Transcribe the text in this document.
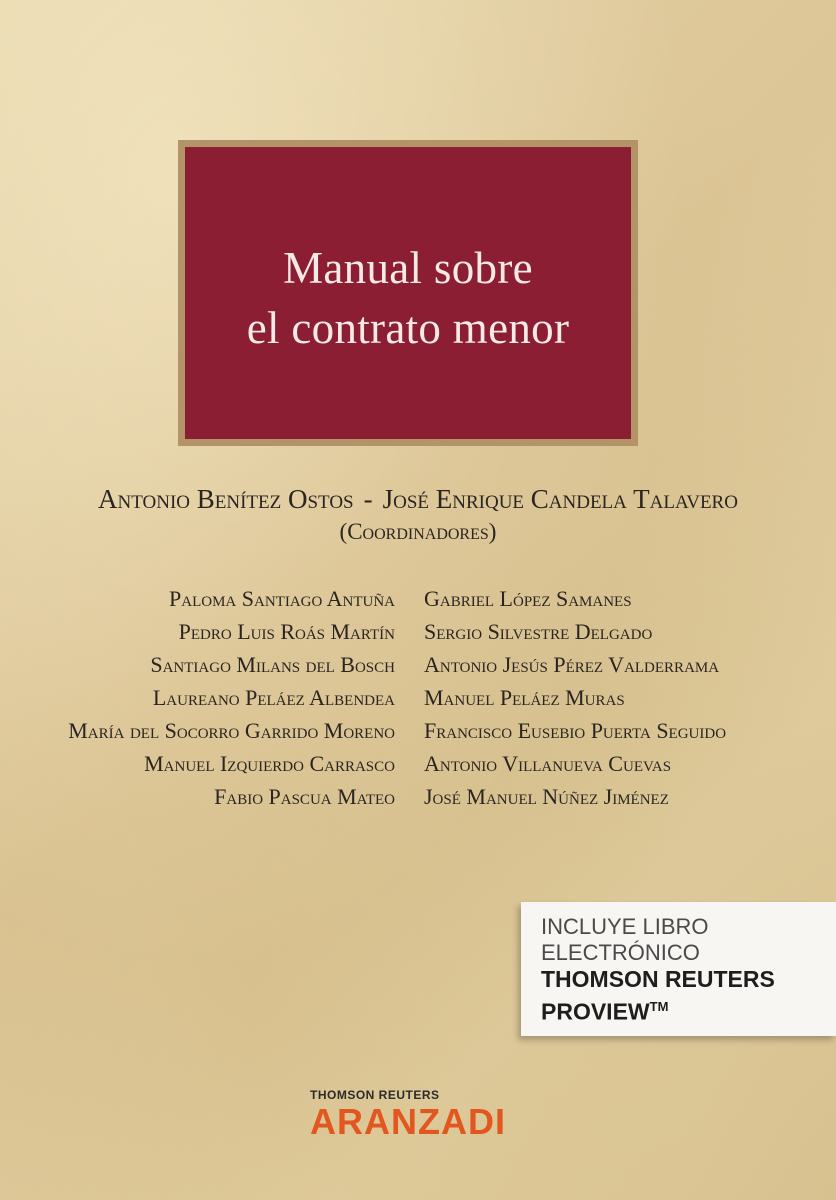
Manual sobre
el contrato menor
Antonio Benítez Ostos - José Enrique Candela Talavero
(Coordinadores)
Paloma Santiago Antuña
Pedro Luis Roás Martín
Santiago Milans del Bosch
Laureano Peláez Albendea
María del Socorro Garrido Moreno
Manuel Izquierdo Carrasco
Fabio Pascua Mateo
Gabriel López Samanes
Sergio Silvestre Delgado
Antonio Jesús Pérez Valderrama
Manuel Peláez Muras
Francisco Eusebio Puerta Seguido
Antonio Villanueva Cuevas
José Manuel Núñez Jiménez
INCLUYE LIBRO
ELECTRÓNICO
THOMSON REUTERS
PROVIEW™
THOMSON REUTERS
ARANZADI
